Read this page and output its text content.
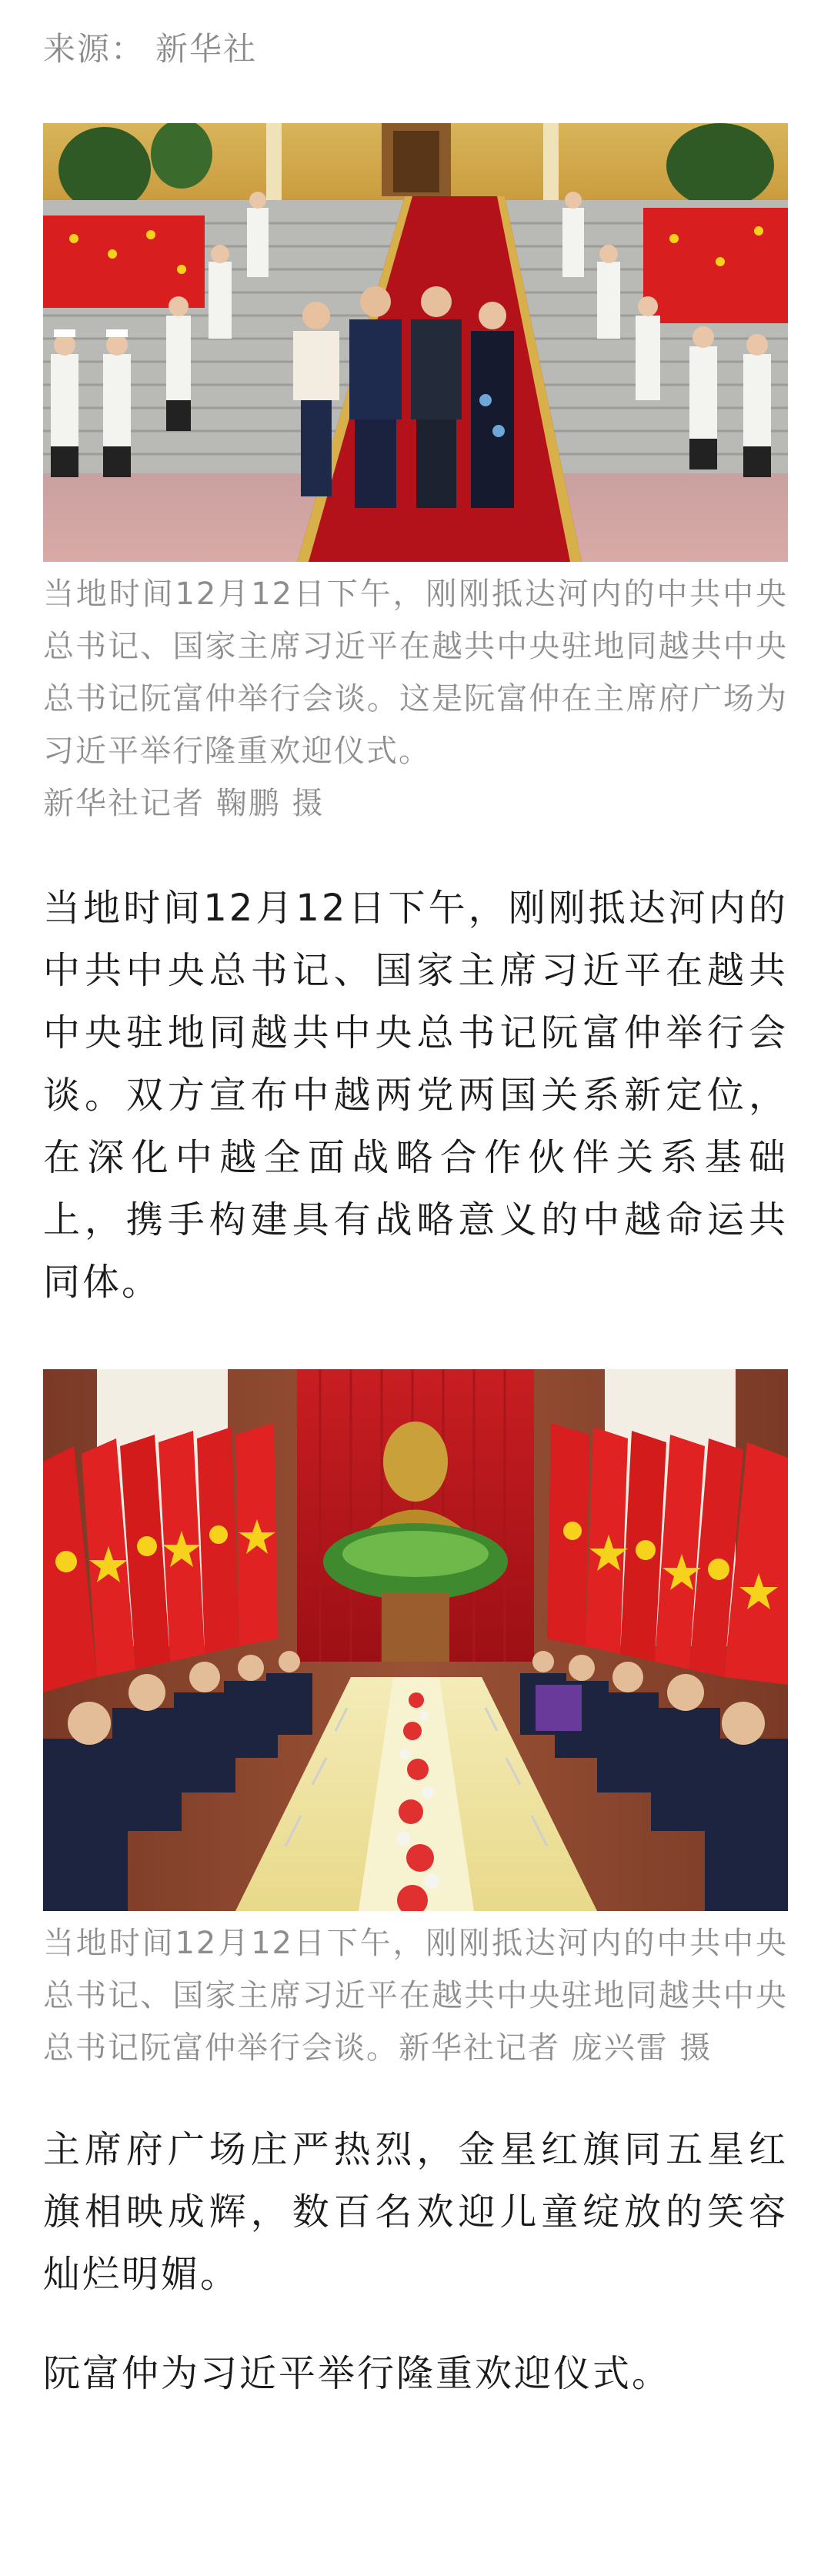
来源： 新华社
当地时间12月12日下午，刚刚抵达河内的中共中央总书记、国家主席习近平在越共中央驻地同越共中央总书记阮富仲举行会谈。这是阮富仲在主席府广场为习近平举行隆重欢迎仪式。
新华社记者 鞠鹏 摄
当地时间12月12日下午，刚刚抵达河内的中共中央总书记、国家主席习近平在越共中央驻地同越共中央总书记阮富仲举行会谈。双方宣布中越两党两国关系新定位，在深化中越全面战略合作伙伴关系基础上，携手构建具有战略意义的中越命运共同体。
当地时间12月12日下午，刚刚抵达河内的中共中央总书记、国家主席习近平在越共中央驻地同越共中央总书记阮富仲举行会谈。新华社记者 庞兴雷 摄
主席府广场庄严热烈，金星红旗同五星红旗相映成辉，数百名欢迎儿童绽放的笑容灿烂明媚。
阮富仲为习近平举行隆重欢迎仪式。
